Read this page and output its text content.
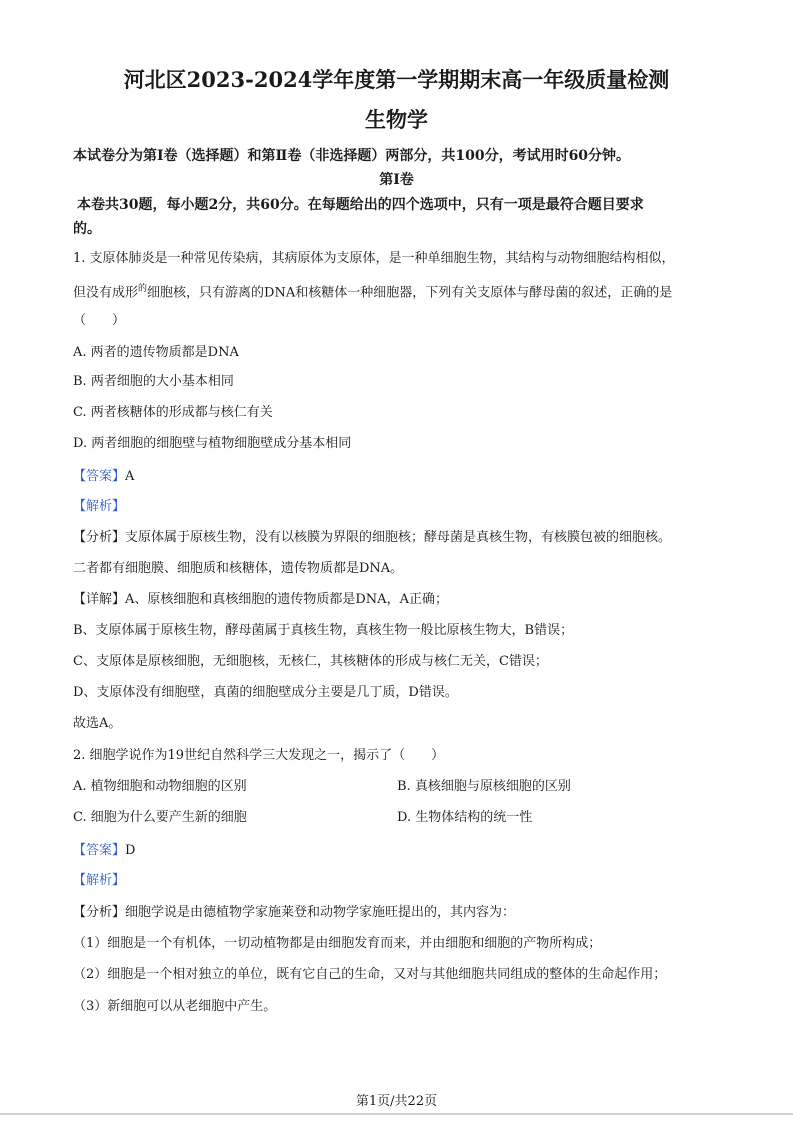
河北区2023-2024学年度第一学期期末高一年级质量检测
生物学
本试卷分为第Ⅰ卷（选择题）和第Ⅱ卷（非选择题）两部分，共100分，考试用时60分钟。
第Ⅰ卷
本卷共30题，每小题2分，共60分。在每题给出的四个选项中，只有一项是最符合题目要求
的。
1. 支原体肺炎是一种常见传染病，其病原体为支原体，是一种单细胞生物，其结构与动物细胞结构相似，
但没有成形$^的$细胞核，只有游离的DNA和核糖体一种细胞器，下列有关支原体与酵母菌的叙述，正确的是
（　　）
A. 两者的遗传物质都是DNA
B. 两者细胞的大小基本相同
C. 两者核糖体的形成都与核仁有关
D. 两者细胞的细胞壁与植物细胞壁成分基本相同
【答案】A
【解析】
【分析】支原体属于原核生物，没有以核膜为界限的细胞核；酵母菌是真核生物，有核膜包被的细胞核。
二者都有细胞膜、细胞质和核糖体，遗传物质都是DNA。
【详解】A、原核细胞和真核细胞的遗传物质都是DNA，A正确；
B、支原体属于原核生物，酵母菌属于真核生物，真核生物一般比原核生物大，B错误；
C、支原体是原核细胞，无细胞核，无核仁，其核糖体的形成与核仁无关，C错误；
D、支原体没有细胞壁，真菌的细胞壁成分主要是几丁质，D错误。
故选A。
2. 细胞学说作为19世纪自然科学三大发现之一，揭示了（　　）
A. 植物细胞和动物细胞的区别	B. 真核细胞与原核细胞的区别
C. 细胞为什么要产生新的细胞	D. 生物体结构的统一性
【答案】D
【解析】
【分析】细胞学说是由德植物学家施莱登和动物学家施旺提出的，其内容为：
（1）细胞是一个有机体，一切动植物都是由细胞发育而来，并由细胞和细胞的产物所构成；
（2）细胞是一个相对独立的单位，既有它自己的生命，又对与其他细胞共同组成的整体的生命起作用；
（3）新细胞可以从老细胞中产生。
第1页/共22页
